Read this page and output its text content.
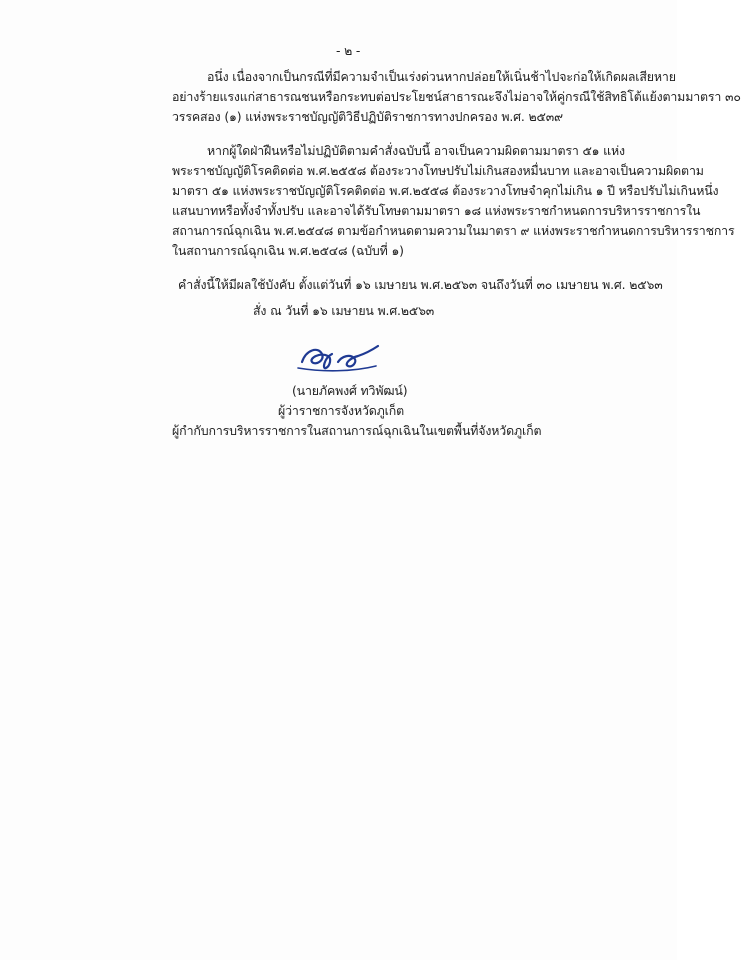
- ๒ -
อนึ่ง เนื่องจากเป็นกรณีที่มีความจำเป็นเร่งด่วนหากปล่อยให้เนิ่นช้าไปจะก่อให้เกิดผลเสียหาย
อย่างร้ายแรงแก่สาธารณชนหรือกระทบต่อประโยชน์สาธารณะจึงไม่อาจให้คู่กรณีใช้สิทธิโต้แย้งตามมาตรา ๓๐
วรรคสอง (๑) แห่งพระราชบัญญัติวิธีปฏิบัติราชการทางปกครอง พ.ศ. ๒๕๓๙
หากผู้ใดฝ่าฝืนหรือไม่ปฏิบัติตามคำสั่งฉบับนี้ อาจเป็นความผิดตามมาตรา ๕๑ แห่ง
พระราชบัญญัติโรคติดต่อ พ.ศ.๒๕๕๘ ต้องระวางโทษปรับไม่เกินสองหมื่นบาท และอาจเป็นความผิดตาม
มาตรา ๕๑ แห่งพระราชบัญญัติโรคติดต่อ พ.ศ.๒๕๕๘ ต้องระวางโทษจำคุกไม่เกิน ๑ ปี หรือปรับไม่เกินหนึ่ง
แสนบาทหรือทั้งจำทั้งปรับ และอาจได้รับโทษตามมาตรา ๑๘ แห่งพระราชกำหนดการบริหารราชการใน
สถานการณ์ฉุกเฉิน พ.ศ.๒๕๔๘ ตามข้อกำหนดตามความในมาตรา ๙ แห่งพระราชกำหนดการบริหารราชการ
ในสถานการณ์ฉุกเฉิน พ.ศ.๒๕๔๘ (ฉบับที่ ๑)
คำสั่งนี้ให้มีผลใช้บังคับ ตั้งแต่วันที่ ๑๖ เมษายน พ.ศ.๒๕๖๓ จนถึงวันที่ ๓๐ เมษายน พ.ศ. ๒๕๖๓
สั่ง ณ วันที่ ๑๖ เมษายน พ.ศ.๒๕๖๓
(นายภัคพงศ์ ทวิพัฒน์)
ผู้ว่าราชการจังหวัดภูเก็ต
ผู้กำกับการบริหารราชการในสถานการณ์ฉุกเฉินในเขตพื้นที่จังหวัดภูเก็ต
